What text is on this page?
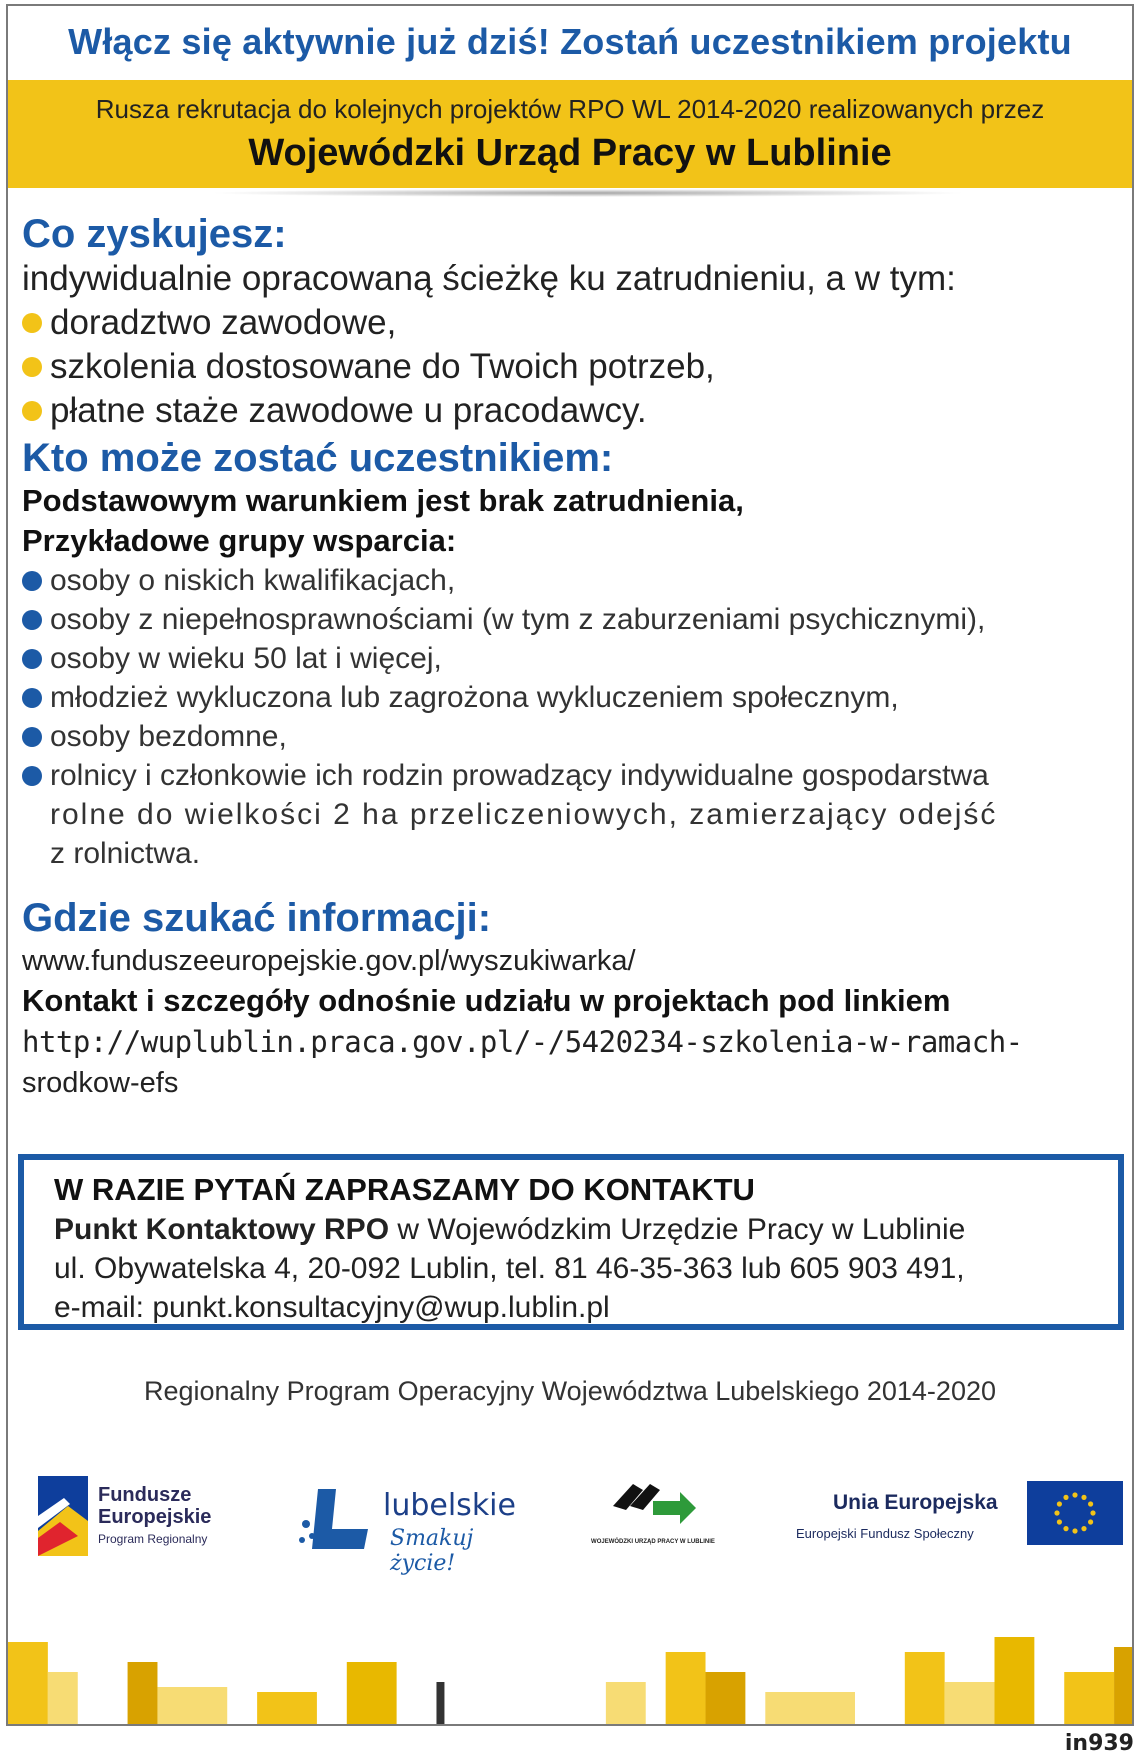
Włącz się aktywnie już dziś! Zostań uczestnikiem projektu
Rusza rekrutacja do kolejnych projektów RPO WL 2014-2020 realizowanych przez
Wojewódzki Urząd Pracy w Lublinie
Co zyskujesz:
indywidualnie opracowaną ścieżkę ku zatrudnieniu, a w tym:
doradztwo zawodowe,
szkolenia dostosowane do Twoich potrzeb,
płatne staże zawodowe u pracodawcy.
Kto może zostać uczestnikiem:
Podstawowym warunkiem jest brak zatrudnienia,
Przykładowe grupy wsparcia:
osoby o niskich kwalifikacjach,
osoby z niepełnosprawnościami (w tym z zaburzeniami psychicznymi),
osoby w wieku 50 lat i więcej,
młodzież wykluczona lub zagrożona wykluczeniem społecznym,
osoby bezdomne,
rolnicy i członkowie ich rodzin prowadzący indywidualne gospodarstwa
rolne do wielkości 2 ha przeliczeniowych, zamierzający odejść
z rolnictwa.
Gdzie szukać informacji:
www.funduszeeuropejskie.gov.pl/wyszukiwarka/
Kontakt i szczegóły odnośnie udziału w projektach pod linkiem
http://wuplublin.praca.gov.pl/-/5420234-szkolenia-w-ramach-
srodkow-efs
W RAZIE PYTAŃ ZAPRASZAMY DO KONTAKTU
Punkt Kontaktowy RPO w Wojewódzkim Urzędzie Pracy w Lublinie
ul. Obywatelska 4, 20-092 Lublin, tel. 81 46-35-363 lub 605 903 491,
e-mail: punkt.konsultacyjny@wup.lublin.pl
Regionalny Program Operacyjny Województwa Lubelskiego 2014-2020
Fundusze
Europejskie
Program Regionalny
lubelskie
Smakuj życie!
WOJEWÓDZKI URZĄD PRACY W LUBLINIE
Unia Europejska
Europejski Fundusz Społeczny
in939
